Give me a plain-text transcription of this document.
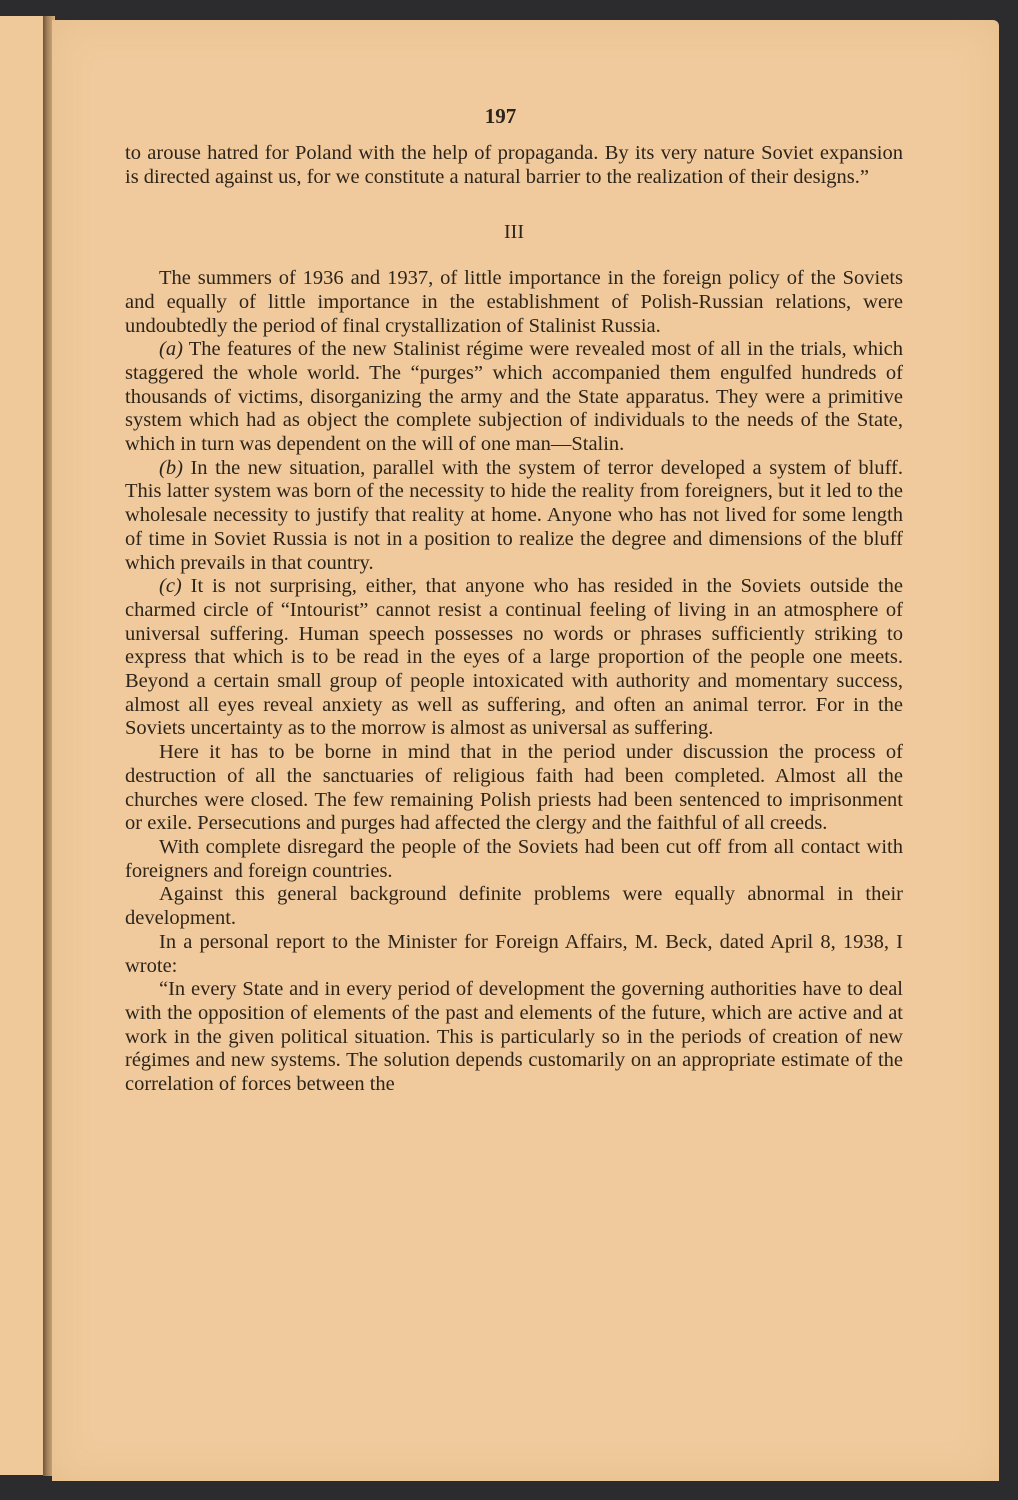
197

to arouse hatred for Poland with the help of propaganda. By its very nature Soviet expansion is directed against us, for we constitute a natural barrier to the realization of their designs.”

III

The summers of 1936 and 1937, of little importance in the foreign policy of the Soviets and equally of little importance in the establishment of Polish-Russian relations, were undoubtedly the period of final crystallization of Stalinist Russia.

(a) The features of the new Stalinist régime were revealed most of all in the trials, which staggered the whole world. The “purges” which accompanied them engulfed hundreds of thousands of victims, disorganizing the army and the State apparatus. They were a primitive system which had as object the complete subjection of individuals to the needs of the State, which in turn was dependent on the will of one man—Stalin.

(b) In the new situation, parallel with the system of terror developed a system of bluff. This latter system was born of the necessity to hide the reality from foreigners, but it led to the wholesale necessity to justify that reality at home. Anyone who has not lived for some length of time in Soviet Russia is not in a position to realize the degree and dimensions of the bluff which prevails in that country.

(c) It is not surprising, either, that anyone who has resided in the Soviets outside the charmed circle of “Intourist” cannot resist a continual feeling of living in an atmosphere of universal suffering. Human speech possesses no words or phrases sufficiently striking to express that which is to be read in the eyes of a large proportion of the people one meets. Beyond a certain small group of people intoxicated with authority and momentary success, almost all eyes reveal anxiety as well as suffering, and often an animal terror. For in the Soviets uncertainty as to the morrow is almost as universal as suffering.

Here it has to be borne in mind that in the period under discussion the process of destruction of all the sanctuaries of religious faith had been completed. Almost all the churches were closed. The few remaining Polish priests had been sentenced to imprisonment or exile. Persecutions and purges had affected the clergy and the faithful of all creeds.

With complete disregard the people of the Soviets had been cut off from all contact with foreigners and foreign countries.

Against this general background definite problems were equally abnormal in their development.

In a personal report to the Minister for Foreign Affairs, M. Beck, dated April 8, 1938, I wrote:

“In every State and in every period of development the governing authorities have to deal with the opposition of elements of the past and elements of the future, which are active and at work in the given political situation. This is particularly so in the periods of creation of new régimes and new systems. The solution depends customarily on an appropriate estimate of the correlation of forces between the
